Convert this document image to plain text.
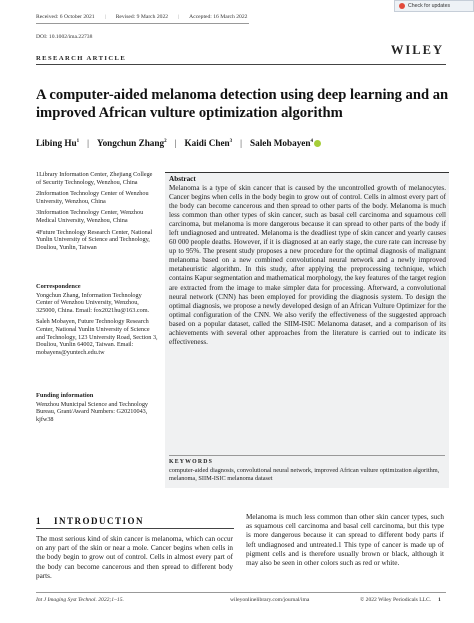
Check for updates
Received: 6 October 2021 | Revised: 9 March 2022 | Accepted: 16 March 2022
DOI: 10.1002/ima.22738
WILEY
RESEARCH ARTICLE
A computer-aided melanoma detection using deep learning and an improved African vulture optimization algorithm
Libing Hu$^1$ | Yongchun Zhang$^2$ | Kaidi Chen$^3$ | Saleh Mobayen$^4$

1Library Information Center, Zhejiang College of Security Technology, Wenzhou, China

2Information Technology Center of Wenzhou University, Wenzhou, China

3Information Technology Center, Wenzhou Medical University, Wenzhou, China

4Future Technology Research Center, National Yunlin University of Science and Technology, Douliou, Yunlin, Taiwan

Correspondence

Yongchun Zhang, Information Technology Center of Wenzhou University, Wenzhou, 325000, China. Email: fox2021hu@163.com.

Saleh Mobayen, Future Technology Research Center, National Yunlin University of Science and Technology, 123 University Road, Section 3, Douliou, Yunlin 64002, Taiwan. Email: mobayens@yuntech.edu.tw

Funding information

Wenzhou Municipal Science and Technology Bureau, Grant/Award Numbers: G20210043, kjfw38

Abstract
Melanoma is a type of skin cancer that is caused by the uncontrolled growth of melanocytes. Cancer begins when cells in the body begin to grow out of control. Cells in almost every part of the body can become cancerous and then spread to other parts of the body. Melanoma is much less common than other types of skin cancer, such as basal cell carcinoma and squamous cell carcinoma, but melanoma is more dangerous because it can spread to other parts of the body if left undiagnosed and untreated. Melanoma is the deadliest type of skin cancer and yearly causes 60 000 people deaths. However, if it is diagnosed at an early stage, the cure rate can increase by up to 95%. The present study proposes a new procedure for the optimal diagnosis of malignant melanoma based on a new combined convolutional neural network and a newly improved metaheuristic algorithm. In this study, after applying the preprocessing technique, which contains Kapur segmentation and mathematical morphology, the key features of the target region are extracted from the image to make simpler data for processing. Afterward, a convolutional neural network (CNN) has been employed for providing the diagnosis system. To design the optimal diagnosis, we propose a newly developed design of an African Vulture Optimizer for the optimal configuration of the CNN. We also verify the effectiveness of the suggested approach based on a popular dataset, called the SIIM-ISIC Melanoma dataset, and a comparison of its achievements with several other approaches from the literature is carried out to indicate its effectiveness.
KEYWORDS
computer-aided diagnosis, convolutional neural network, improved African vulture optimization algorithm, melanoma, SIIM-ISIC melanoma dataset
1 INTRODUCTION
The most serious kind of skin cancer is melanoma, which can occur on any part of the skin or near a mole. Cancer begins when cells in the body begin to grow out of control. Cells in almost every part of the body can become cancerous and then spread to different body parts.
Melanoma is much less common than other skin cancer types, such as squamous cell carcinoma and basal cell carcinoma, but this type is more dangerous because it can spread to different body parts if left undiagnosed and untreated.1 This type of cancer is made up of pigment cells and is therefore usually brown or black, although it may also be seen in other colors such as red or white.
Int J Imaging Syst Technol. 2022;1–15.	wileyonlinelibrary.com/journal/ima	© 2022 Wiley Periodicals LLC. 1
